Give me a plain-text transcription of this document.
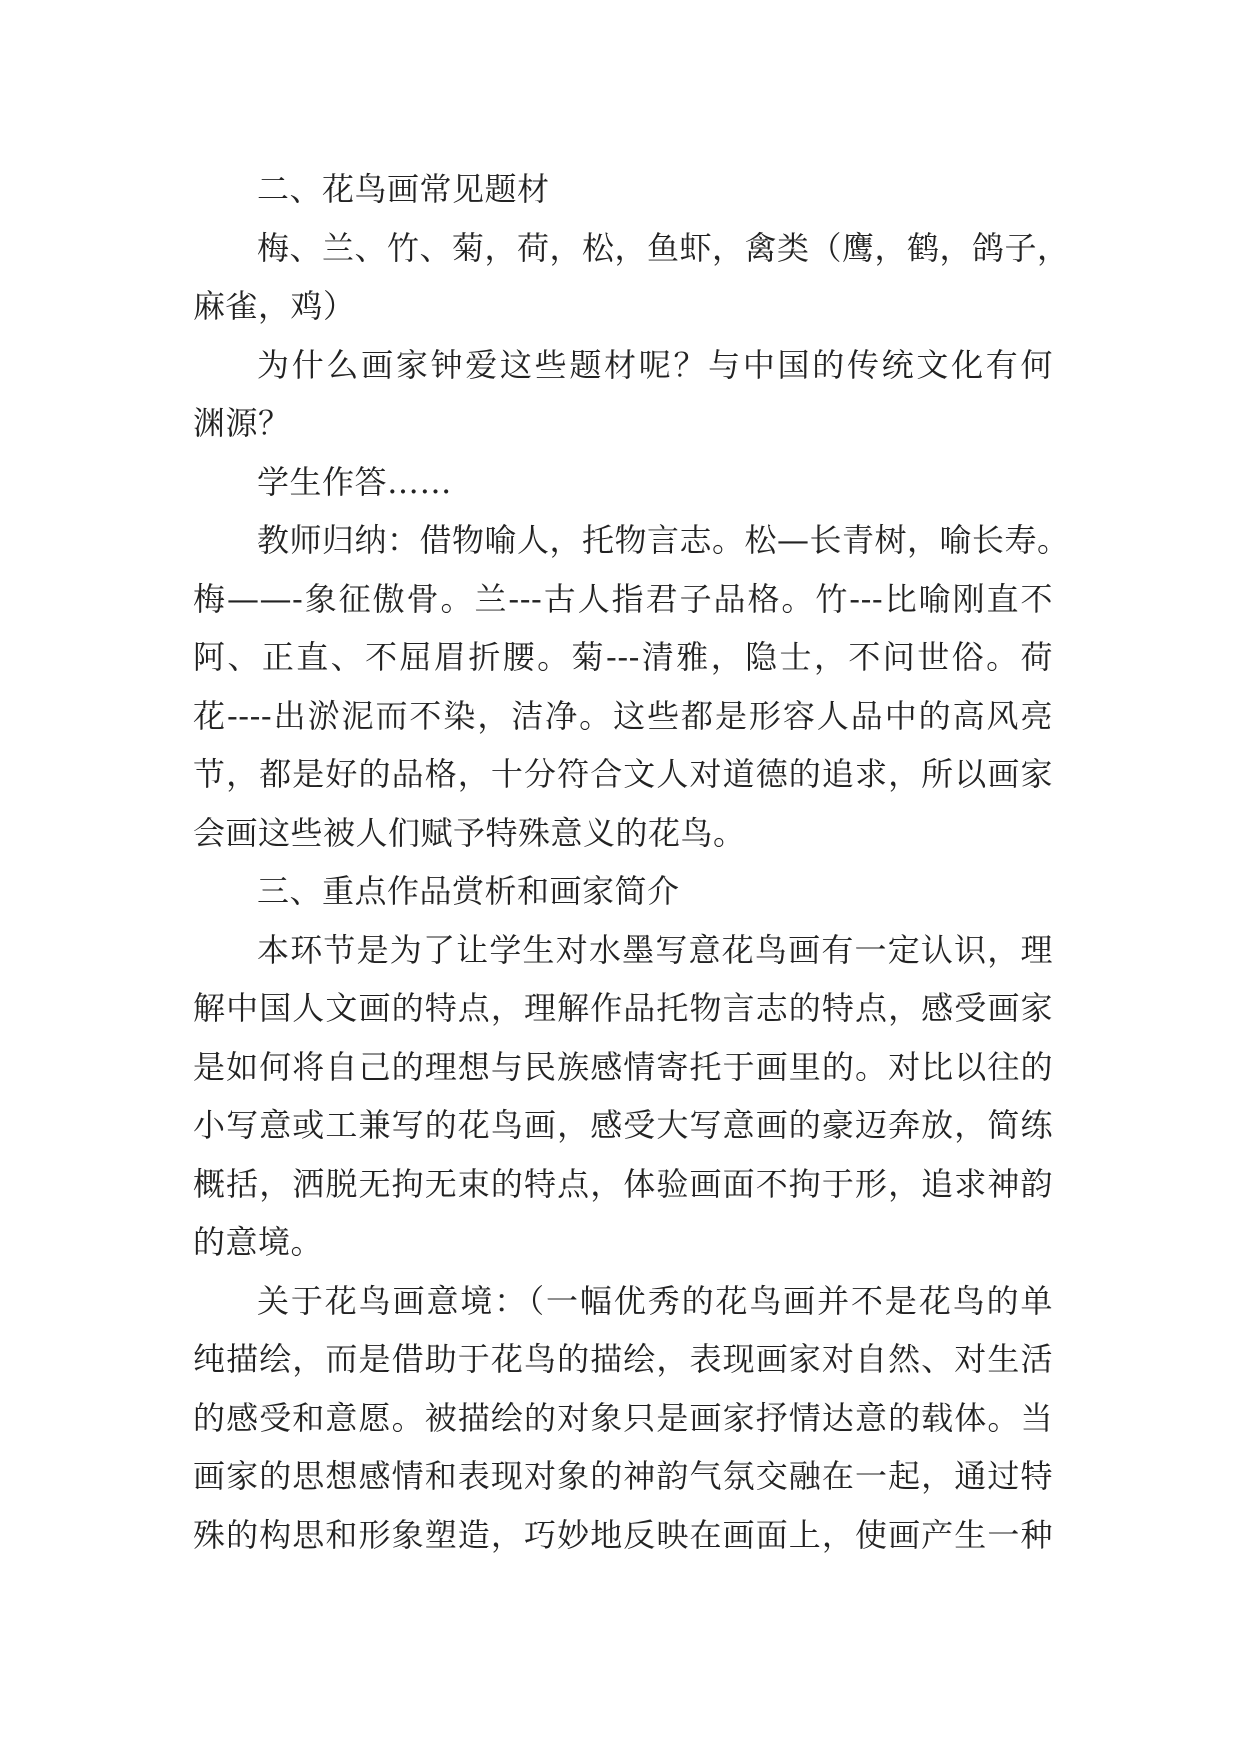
二、花鸟画常见题材
梅、兰、竹、菊，荷，松，鱼虾，禽类（鹰，鹤，鸽子，
麻雀，鸡）
为什么画家钟爱这些题材呢？与中国的传统文化有何
渊源？
学生作答……
教师归纳：借物喻人，托物言志。松—长青树，喻长寿。
梅——-象征傲骨。兰---古人指君子品格。竹---比喻刚直不
阿、正直、不屈眉折腰。菊---清雅，隐士，不问世俗。荷
花----出淤泥而不染，洁净。这些都是形容人品中的高风亮
节，都是好的品格，十分符合文人对道德的追求，所以画家
会画这些被人们赋予特殊意义的花鸟。
三、重点作品赏析和画家简介
本环节是为了让学生对水墨写意花鸟画有一定认识，理
解中国人文画的特点，理解作品托物言志的特点，感受画家
是如何将自己的理想与民族感情寄托于画里的。对比以往的
小写意或工兼写的花鸟画，感受大写意画的豪迈奔放，简练
概括，洒脱无拘无束的特点，体验画面不拘于形，追求神韵
的意境。
关于花鸟画意境：（一幅优秀的花鸟画并不是花鸟的单
纯描绘，而是借助于花鸟的描绘，表现画家对自然、对生活
的感受和意愿。被描绘的对象只是画家抒情达意的载体。当
画家的思想感情和表现对象的神韵气氛交融在一起，通过特
殊的构思和形象塑造，巧妙地反映在画面上，使画产生一种
